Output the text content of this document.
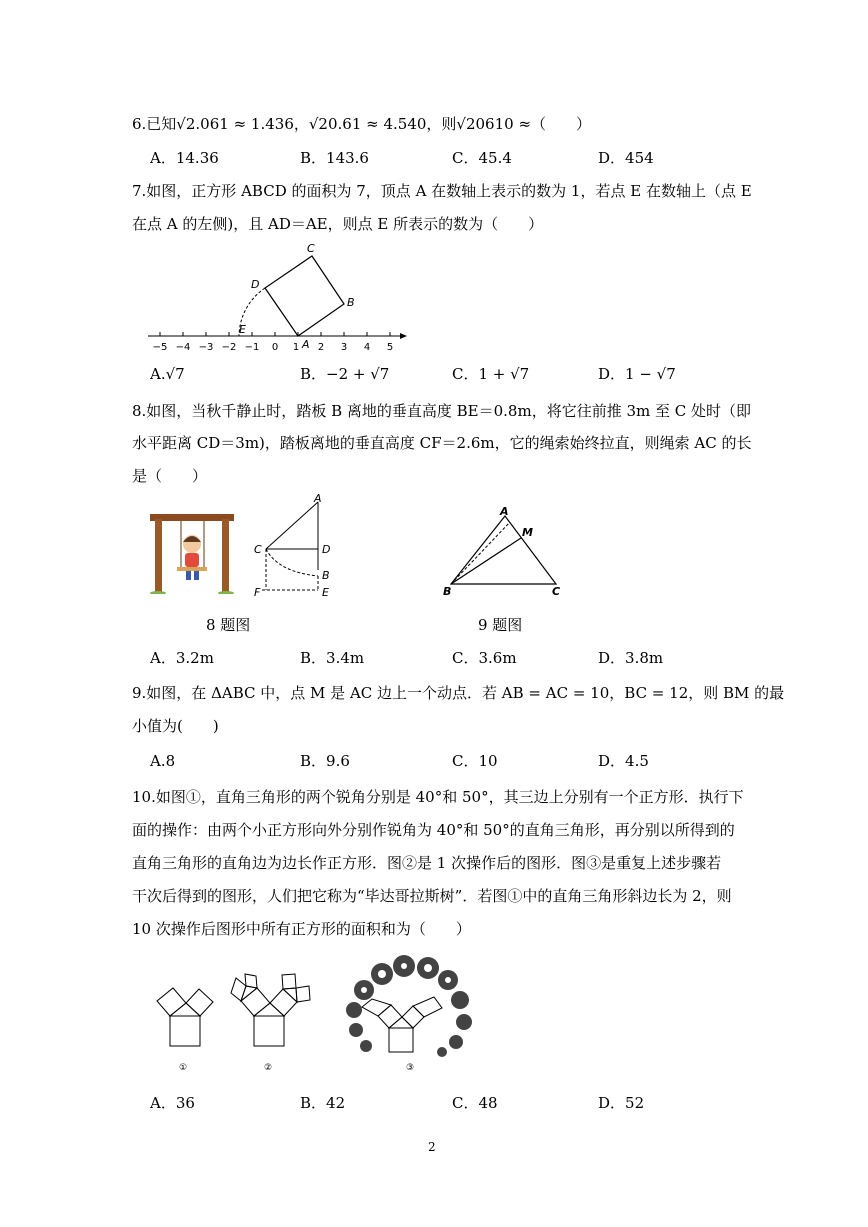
6.已知√2.061 ≈ 1.436，√20.61 ≈ 4.540，则√20610 ≈（　　）
A．14.36	B．143.6	C．45.4	D．454
7.如图，正方形 ABCD 的面积为 7，顶点 A 在数轴上表示的数为 1，若点 E 在数轴上（点 E
在点 A 的左侧)，且 AD＝AE，则点 E 所表示的数为（　　）
−5 −4 −3 −2 −1 0 1 2 3 4 5
A
B
C
D
E
A.√7	B．−2 + √7	C．1 + √7	D．1 − √7
8.如图，当秋千静止时，踏板 B 离地的垂直高度 BE＝0.8m，将它往前推 3m 至 C 处时（即
水平距离 CD＝3m)，踏板离地的垂直高度 CF＝2.6m，它的绳索始终拉直，则绳索 AC 的长
是（　　）
A
C	D
B
F	E
A
M
B	C
8 题图	9 题图
A．3.2m	B．3.4m	C．3.6m	D．3.8m
9.如图，在 ΔABC 中，点 M 是 AC 边上一个动点．若 AB = AC = 10，BC = 12，则 BM 的最
小值为(　　)
A.8	B．9.6	C．10	D．4.5
10.如图①，直角三角形的两个锐角分别是 40°和 50°，其三边上分别有一个正方形．执行下
面的操作：由两个小正方形向外分别作锐角为 40°和 50°的直角三角形，再分别以所得到的
直角三角形的直角边为边长作正方形．图②是 1 次操作后的图形．图③是重复上述步骤若
干次后得到的图形，人们把它称为“毕达哥拉斯树”．若图①中的直角三角形斜边长为 2，则
10 次操作后图形中所有正方形的面积和为（　　）
①	②	③
A．36	B．42	C．48	D．52
2
